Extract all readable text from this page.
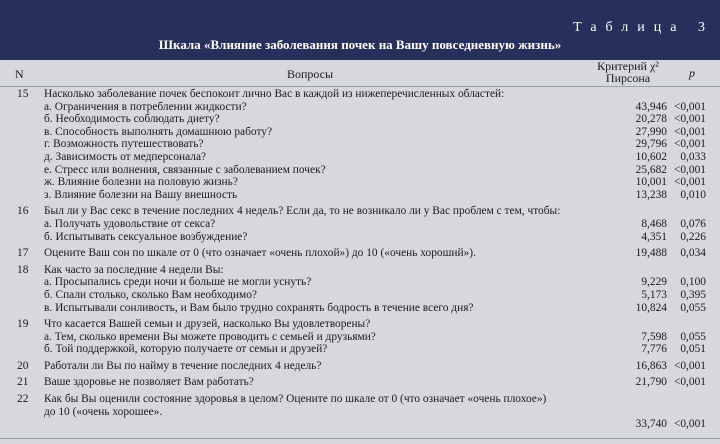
Таблица 3
Шкала «Влияние заболевания почек на Вашу повседневную жизнь»
N	Вопросы
Критерий χ²
Пирсона	p
15 Насколько заболевание почек беспокоит лично Вас в каждой из нижеперечисленных областей:
а. Ограничения в потреблении жидкости?	43,946 <0,001
б. Необходимость соблюдать диету?	20,278 <0,001
в. Способность выполнять домашнюю работу?	27,990 <0,001
г. Возможность путешествовать?	29,796 <0,001
д. Зависимость от медперсонала?	10,602 0,033
е. Стресс или волнения, связанные с заболеванием почек?	25,682 <0,001
ж. Влияние болезни на половую жизнь?	10,001 <0,001
з. Влияние болезни на Вашу внешность	13,238 0,010
16 Был ли у Вас секс в течение последних 4 недель? Если да, то не возникало ли у Вас проблем с тем, чтобы:
а. Получать удовольствие от секса?	8,468 0,076
б. Испытывать сексуальное возбуждение?	4,351 0,226
17 Оцените Ваш сон по шкале от 0 (что означает «очень плохой») до 10 («очень хороший»).	19,488 0,034
18 Как часто за последние 4 недели Вы:
а. Просыпались среди ночи и больше не могли уснуть?	9,229 0,100
б. Спали столько, сколько Вам необходимо?	5,173 0,395
в. Испытывали сонливость, и Вам было трудно сохранять бодрость в течение всего дня?	10,824 0,055
19 Что касается Вашей семьи и друзей, насколько Вы удовлетворены?
а. Тем, сколько времени Вы можете проводить с семьей и друзьями?	7,598 0,055
б. Той поддержкой, которую получаете от семьи и друзей?	7,776 0,051
20 Работали ли Вы по найму в течение последних 4 недель?	16,863 <0,001
21 Ваше здоровье не позволяет Вам работать?	21,790 <0,001
22 Как бы Вы оценили состояние здоровья в целом? Оцените по шкале от 0 (что означает «очень плохое»)
до 10 («очень хорошее».
33,740 <0,001
